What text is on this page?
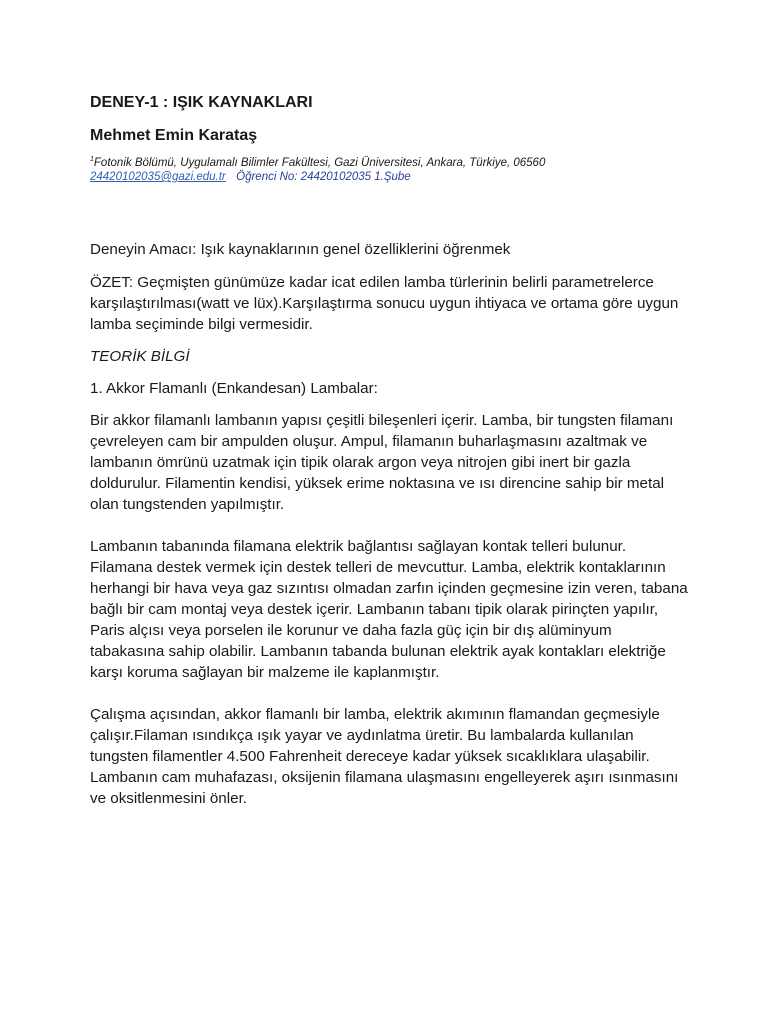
DENEY-1 : IŞIK KAYNAKLARI
Mehmet Emin Karataş
$^1$Fotonik Bölümü, Uygulamalı Bilimler Fakültesi, Gazi Üniversitesi, Ankara, Türkiye, 06560
24420102035@gazi.edu.tr Öğrenci No: 24420102035 1.Şube

Deneyin Amacı: Işık kaynaklarının genel özelliklerini öğrenmek

ÖZET: Geçmişten günümüze kadar icat edilen lamba türlerinin belirli parametrelerce karşılaştırılması(watt ve lüx).Karşılaştırma sonucu uygun ihtiyaca ve ortama göre uygun lamba seçiminde bilgi vermesidir.

TEORİK BİLGİ

1. Akkor Flamanlı (Enkandesan) Lambalar:

Bir akkor filamanlı lambanın yapısı çeşitli bileşenleri içerir. Lamba, bir tungsten filamanı çevreleyen cam bir ampulden oluşur. Ampul, filamanın buharlaşmasını azaltmak ve lambanın ömrünü uzatmak için tipik olarak argon veya nitrojen gibi inert bir gazla doldurulur. Filamentin kendisi, yüksek erime noktasına ve ısı direncine sahip bir metal olan tungstenden yapılmıştır.

Lambanın tabanında filamana elektrik bağlantısı sağlayan kontak telleri bulunur. Filamana destek vermek için destek telleri de mevcuttur. Lamba, elektrik kontaklarının herhangi bir hava veya gaz sızıntısı olmadan zarfın içinden geçmesine izin veren, tabana bağlı bir cam montaj veya destek içerir. Lambanın tabanı tipik olarak pirinçten yapılır, Paris alçısı veya porselen ile korunur ve daha fazla güç için bir dış alüminyum tabakasına sahip olabilir. Lambanın tabanda bulunan elektrik ayak kontakları elektriğe karşı koruma sağlayan bir malzeme ile kaplanmıştır.

Çalışma açısından, akkor flamanlı bir lamba, elektrik akımının flamandan geçmesiyle çalışır.Filaman ısındıkça ışık yayar ve aydınlatma üretir. Bu lambalarda kullanılan tungsten filamentler 4.500 Fahrenheit dereceye kadar yüksek sıcaklıklara ulaşabilir. Lambanın cam muhafazası, oksijenin filamana ulaşmasını engelleyerek aşırı ısınmasını ve oksitlenmesini önler.
